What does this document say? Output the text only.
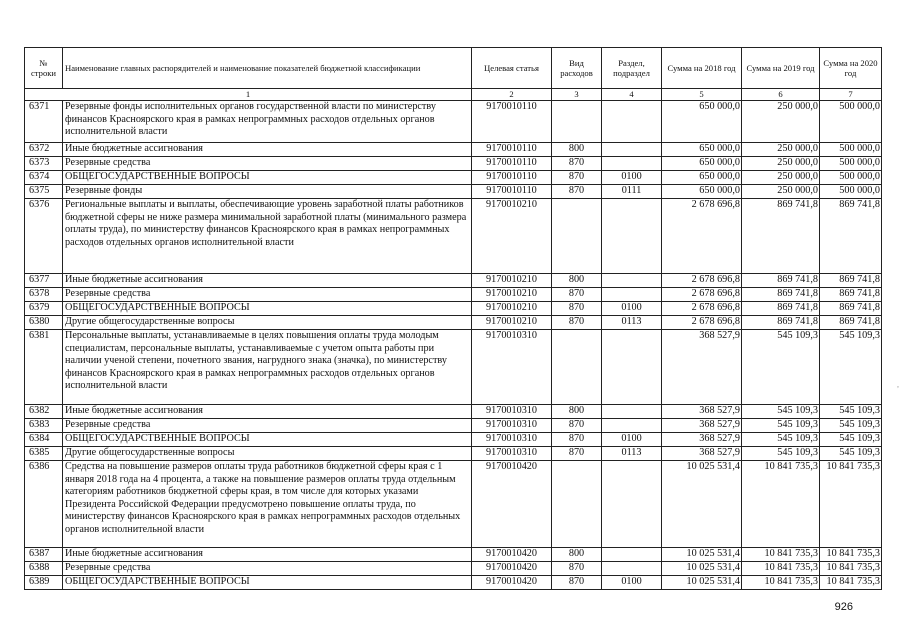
№ строки	Наименование главных распорядителей и наименование показателей бюджетной классификации	Целевая статья	Вид расходов	Раздел, подраздел	Сумма на 2018 год	Сумма на 2019 год	Сумма на 2020 год
1		2	3	4	5	6	7
6371	Резервные фонды исполнительных органов государственной власти по министерству финансов Красноярского края в рамках непрограммных расходов отдельных органов исполнительной власти	9170010110			650 000,0	250 000,0	500 000,0
6372	Иные бюджетные ассигнования	9170010110	800		650 000,0	250 000,0	500 000,0
6373	Резервные средства	9170010110	870		650 000,0	250 000,0	500 000,0
6374	ОБЩЕГОСУДАРСТВЕННЫЕ ВОПРОСЫ	9170010110	870	0100	650 000,0	250 000,0	500 000,0
6375	Резервные фонды	9170010110	870	0111	650 000,0	250 000,0	500 000,0
6376	Региональные выплаты и выплаты, обеспечивающие уровень заработной платы работников бюджетной сферы не ниже размера минимальной заработной платы (минимального размера оплаты труда), по министерству финансов Красноярского края в рамках непрограммных расходов отдельных органов исполнительной власти	9170010210			2 678 696,8	869 741,8	869 741,8
6377	Иные бюджетные ассигнования	9170010210	800		2 678 696,8	869 741,8	869 741,8
6378	Резервные средства	9170010210	870		2 678 696,8	869 741,8	869 741,8
6379	ОБЩЕГОСУДАРСТВЕННЫЕ ВОПРОСЫ	9170010210	870	0100	2 678 696,8	869 741,8	869 741,8
6380	Другие общегосударственные вопросы	9170010210	870	0113	2 678 696,8	869 741,8	869 741,8
6381	Персональные выплаты, устанавливаемые в целях повышения оплаты труда молодым специалистам, персональные выплаты, устанавливаемые с учетом опыта работы при наличии ученой степени, почетного звания, нагрудного знака (значка), по министерству финансов Красноярского края в рамках непрограммных расходов отдельных органов исполнительной власти	9170010310			368 527,9	545 109,3	545 109,3
6382	Иные бюджетные ассигнования	9170010310	800		368 527,9	545 109,3	545 109,3
6383	Резервные средства	9170010310	870		368 527,9	545 109,3	545 109,3
6384	ОБЩЕГОСУДАРСТВЕННЫЕ ВОПРОСЫ	9170010310	870	0100	368 527,9	545 109,3	545 109,3
6385	Другие общегосударственные вопросы	9170010310	870	0113	368 527,9	545 109,3	545 109,3
6386	Средства на повышение размеров оплаты труда работников бюджетной сферы края с 1 января 2018 года на 4 процента, а также на повышение размеров оплаты труда отдельным категориям работников бюджетной сферы края, в том числе для которых указами Президента Российской Федерации предусмотрено повышение оплаты труда, по министерству финансов Красноярского края в рамках непрограммных расходов отдельных органов исполнительной власти	9170010420			10 025 531,4	10 841 735,3	10 841 735,3
6387	Иные бюджетные ассигнования	9170010420	800		10 025 531,4	10 841 735,3	10 841 735,3
6388	Резервные средства	9170010420	870		10 025 531,4	10 841 735,3	10 841 735,3
6389	ОБЩЕГОСУДАРСТВЕННЫЕ ВОПРОСЫ	9170010420	870	0100	10 025 531,4	10 841 735,3	10 841 735,3
926
,
